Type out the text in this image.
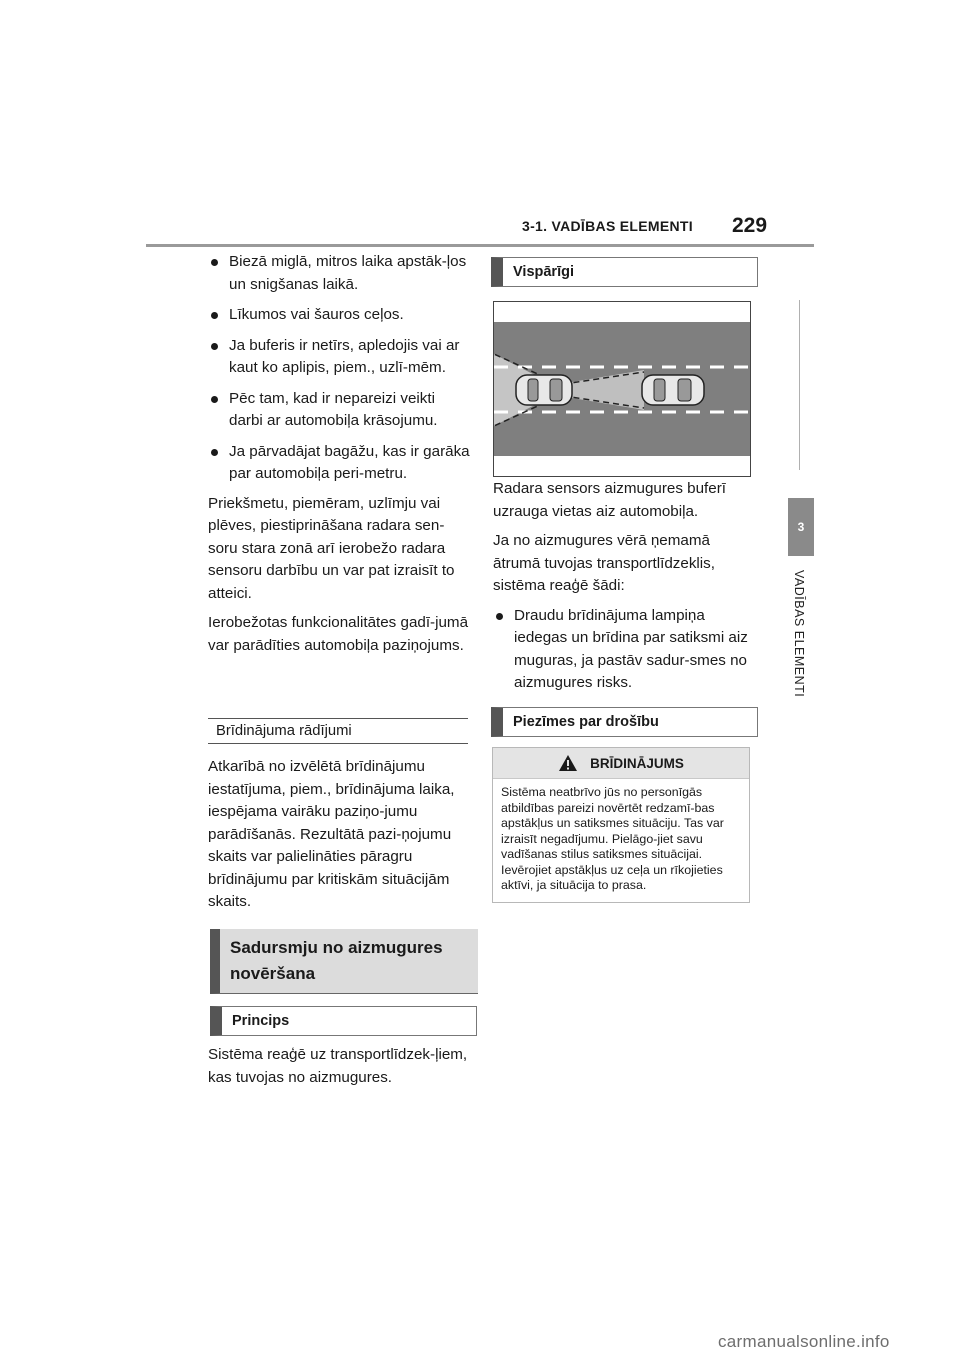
3-1. VADĪBAS ELEMENTI 229
3
VADĪBAS ELEMENTI
Biezā miglā, mitros laika apstāk-ļos un snigšanas laikā.
Līkumos vai šauros ceļos.
Ja buferis ir netīrs, apledojis vai ar kaut ko aplipis, piem., uzlī-mēm.
Pēc tam, kad ir nepareizi veikti darbi ar automobiļa krāsojumu.
Ja pārvadājat bagāžu, kas ir garāka par automobiļa peri-metru.

Priekšmetu, piemēram, uzlīmju vai plēves, piestiprināšana radara sen-soru stara zonā arī ierobežo radara sensoru darbību un var pat izraisīt to atteici.

Ierobežotas funkcionalitātes gadī-jumā var parādīties automobiļa paziņojums.

Brīdinājuma rādījumi

Atkarībā no izvēlētā brīdinājumu iestatījuma, piem., brīdinājuma laika, iespējama vairāku paziņo-jumu parādīšanās. Rezultātā pazi-ņojumu skaits var palielināties pāragru brīdinājumu par kritiskām situācijām skaits.

Sadursmju no aizmugures novēršana
Princips

Sistēma reaģē uz transportlīdzek-ļiem, kas tuvojas no aizmugures.

Vispārīgi

Radara sensors aizmugures buferī uzrauga vietas aiz automobiļa.

Ja no aizmugures vērā ņemamā ātrumā tuvojas transportlīdzeklis, sistēma reaģē šādi:

Draudu brīdinājuma lampiņa iedegas un brīdina par satiksmi aiz muguras, ja pastāv sadur-smes no aizmugures risks.
Piezīmes par drošību
BRĪDINĀJUMS
Sistēma neatbrīvo jūs no personīgās atbildības pareizi novērtēt redzamī-bas apstākļus un satiksmes situāciju. Tas var izraisīt negadījumu. Pielāgo-jiet savu vadīšanas stilus satiksmes situācijai. Ievērojiet apstākļus uz ceļa un rīkojieties aktīvi, ja situācija to prasa.
carmanualsonline.info
